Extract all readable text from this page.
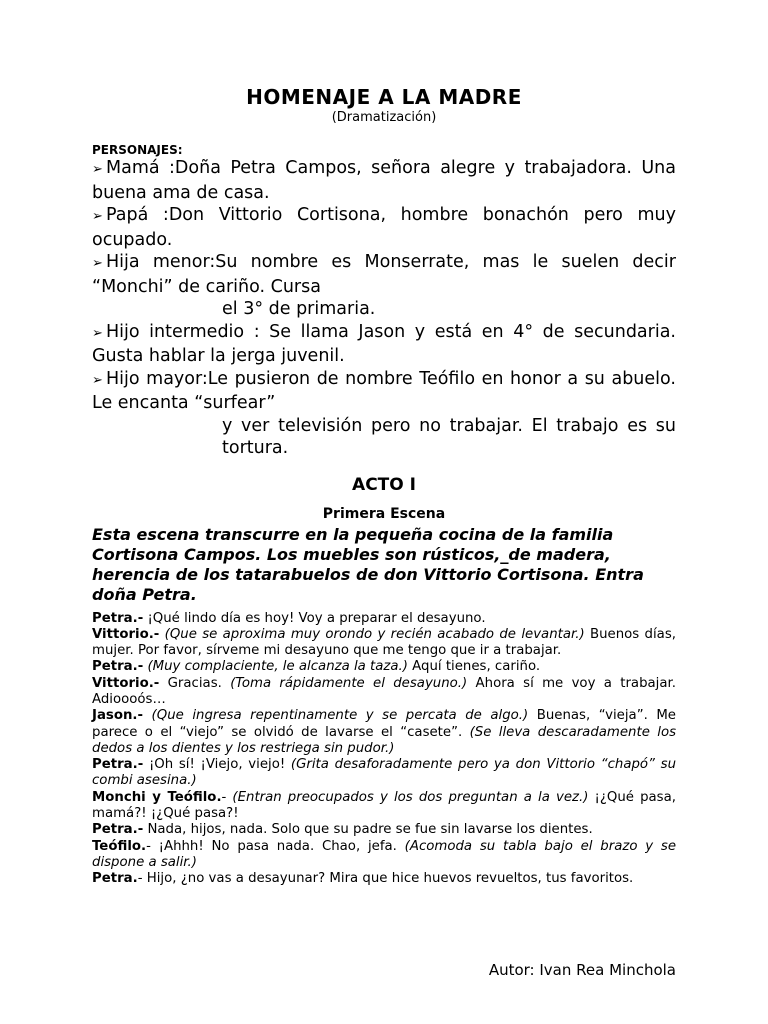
HOMENAJE A LA MADRE
(Dramatización)
PERSONAJES:
➢ Mamá :Doña Petra Campos, señora alegre y trabajadora. Una buena ama de casa.
➢ Papá :Don Vittorio Cortisona, hombre bonachón pero muy ocupado.
➢ Hija menor:Su nombre es Monserrate, mas le suelen decir “Monchi” de cariño. Cursa
el 3° de primaria.
➢ Hijo intermedio : Se llama Jason y está en 4° de secundaria. Gusta hablar la jerga juvenil.
➢ Hijo mayor:Le pusieron de nombre Teófilo en honor a su abuelo. Le encanta “surfear”
y ver televisión pero no trabajar. El trabajo es su tortura.
ACTO I
Primera Escena
Esta escena transcurre en la pequeña cocina de la familia Cortisona Campos. Los muebles son rústicos,_de madera, herencia de los tatarabuelos de don Vittorio Cortisona. Entra doña Petra.
Petra.- ¡Qué lindo día es hoy! Voy a preparar el desayuno.
Vittorio.- (Que se aproxima muy orondo y recién acabado de levantar.) Buenos días, mujer. Por favor, sírveme mi desayuno que me tengo que ir a trabajar.
Petra.- (Muy complaciente, le alcanza la taza.) Aquí tienes, cariño.
Vittorio.- Gracias. (Toma rápidamente el desayuno.) Ahora sí me voy a trabajar. Adioooós…
Jason.- (Que ingresa repentinamente y se percata de algo.) Buenas, “vieja”. Me parece o el “viejo” se olvidó de lavarse el “casete”. (Se lleva descaradamente los dedos a los dientes y los restriega sin pudor.)
Petra.- ¡Oh sí! ¡Viejo, viejo! (Grita desaforadamente pero ya don Vittorio “chapó” su combi asesina.)
Monchi y Teófilo.- (Entran preocupados y los dos preguntan a la vez.) ¡¿Qué pasa, mamá?! ¡¿Qué pasa?!
Petra.- Nada, hijos, nada. Solo que su padre se fue sin lavarse los dientes.
Teófilo.- ¡Ahhh! No pasa nada. Chao, jefa. (Acomoda su tabla bajo el brazo y se dispone a salir.)
Petra.- Hijo, ¿no vas a desayunar? Mira que hice huevos revueltos, tus favoritos.
Autor: Ivan Rea Minchola
